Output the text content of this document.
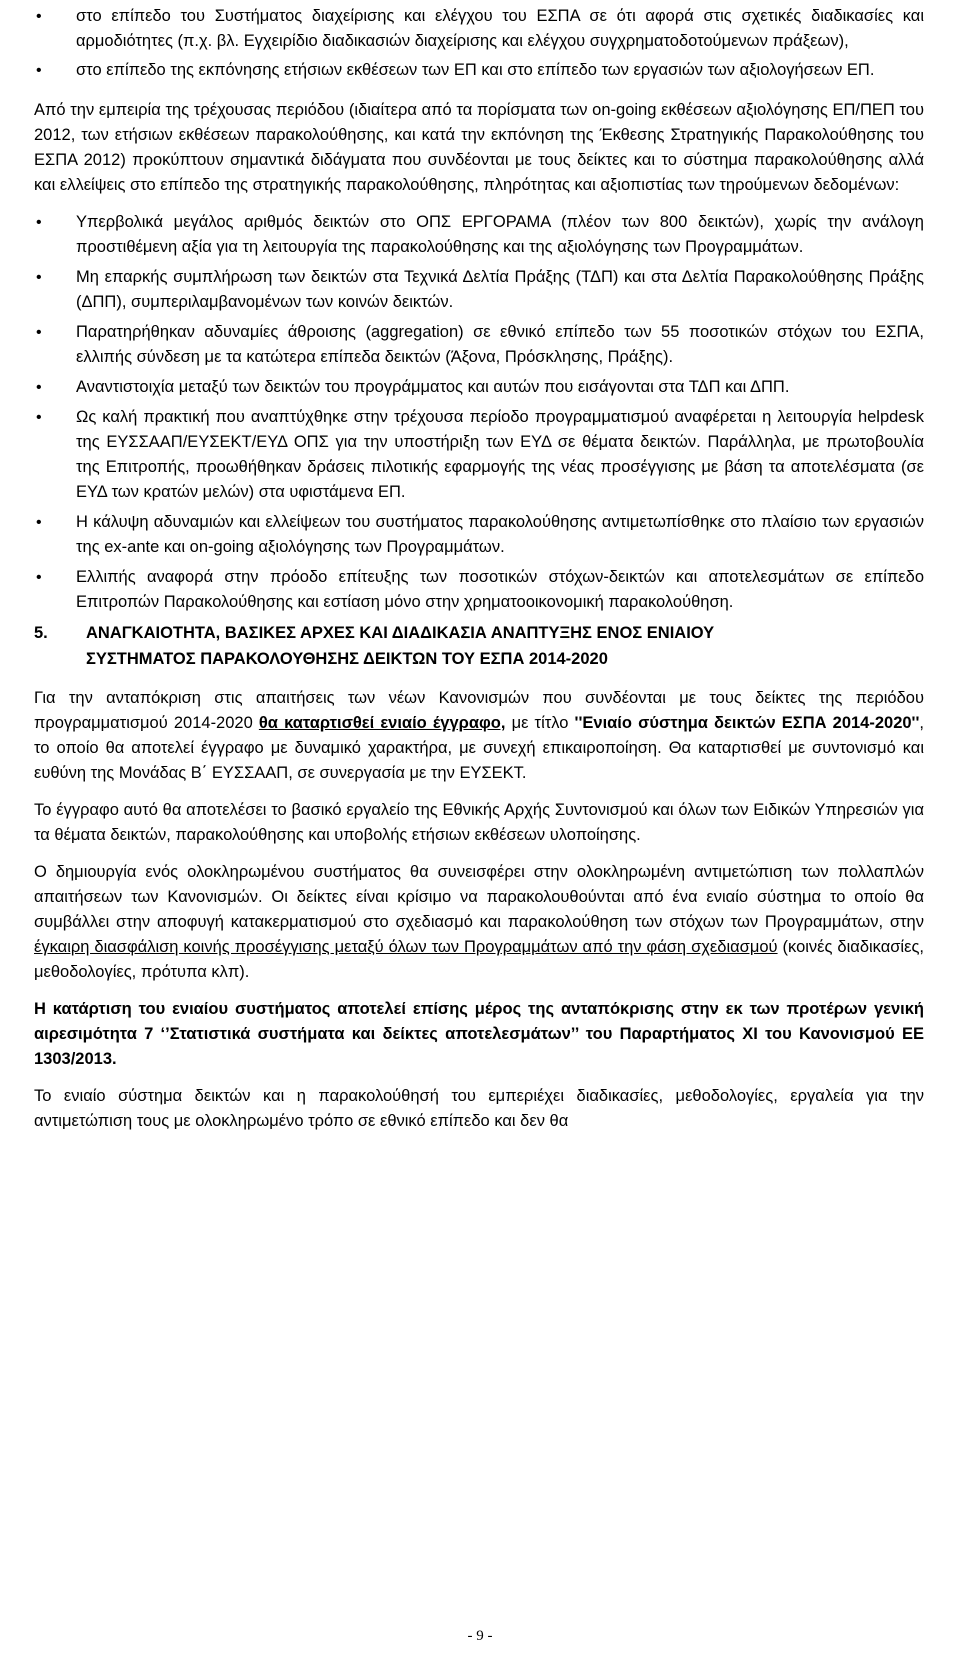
• στο επίπεδο του Συστήματος διαχείρισης και ελέγχου του ΕΣΠΑ σε ότι αφορά στις σχετικές διαδικασίες και αρμοδιότητες (π.χ. βλ. Εγχειρίδιο διαδικασιών διαχείρισης και ελέγχου συγχρηματοδοτούμενων πράξεων),
• στο επίπεδο της εκπόνησης ετήσιων εκθέσεων των ΕΠ και στο επίπεδο των εργασιών των αξιολογήσεων ΕΠ.

Από την εμπειρία της τρέχουσας περιόδου (ιδιαίτερα από τα πορίσματα των on-going εκθέσεων αξιολόγησης ΕΠ/ΠΕΠ του 2012, των ετήσιων εκθέσεων παρακολούθησης, και κατά την εκπόνηση της Έκθεσης Στρατηγικής Παρακολούθησης του ΕΣΠΑ 2012) προκύπτουν σημαντικά διδάγματα που συνδέονται με τους δείκτες και το σύστημα παρακολούθησης αλλά και ελλείψεις στο επίπεδο της στρατηγικής παρακολούθησης, πληρότητας και αξιοπιστίας των τηρούμενων δεδομένων:

• Υπερβολικά μεγάλος αριθμός δεικτών στο ΟΠΣ ΕΡΓΟΡΑΜΑ (πλέον των 800 δεικτών), χωρίς την ανάλογη προστιθέμενη αξία για τη λειτουργία της παρακολούθησης και της αξιολόγησης των Προγραμμάτων.
• Μη επαρκής συμπλήρωση των δεικτών στα Τεχνικά Δελτία Πράξης (ΤΔΠ) και στα Δελτία Παρακολούθησης Πράξης (ΔΠΠ), συμπεριλαμβανομένων των κοινών δεικτών.
• Παρατηρήθηκαν αδυναμίες άθροισης (aggregation) σε εθνικό επίπεδο των 55 ποσοτικών στόχων του ΕΣΠΑ, ελλιπής σύνδεση με τα κατώτερα επίπεδα δεικτών (Άξονα, Πρόσκλησης, Πράξης).
• Αναντιστοιχία μεταξύ των δεικτών του προγράμματος και αυτών που εισάγονται στα ΤΔΠ και ΔΠΠ.
• Ως καλή πρακτική που αναπτύχθηκε στην τρέχουσα περίοδο προγραμματισμού αναφέρεται η λειτουργία helpdesk της ΕΥΣΣΑΑΠ/ΕΥΣΕΚΤ/ΕΥΔ ΟΠΣ για την υποστήριξη των ΕΥΔ σε θέματα δεικτών. Παράλληλα, με πρωτοβουλία της Επιτροπής, προωθήθηκαν δράσεις πιλοτικής εφαρμογής της νέας προσέγγισης με βάση τα αποτελέσματα (σε ΕΥΔ των κρατών μελών) στα υφιστάμενα ΕΠ.
• Η κάλυψη αδυναμιών και ελλείψεων του συστήματος παρακολούθησης αντιμετωπίσθηκε στο πλαίσιο των εργασιών της ex-ante και on-going αξιολόγησης των Προγραμμάτων.
• Ελλιπής αναφορά στην πρόοδο επίτευξης των ποσοτικών στόχων-δεικτών και αποτελεσμάτων σε επίπεδο Επιτροπών Παρακολούθησης και εστίαση μόνο στην χρηματοοικονομική παρακολούθηση.
5. ΑΝΑΓΚΑΙΟΤΗΤΑ, ΒΑΣΙΚΕΣ ΑΡΧΕΣ ΚΑΙ ΔΙΑΔΙΚΑΣΙΑ ΑΝΑΠΤΥΞΗΣ ΕΝΟΣ ΕΝΙΑΙΟΥ
ΣΥΣΤΗΜΑΤΟΣ ΠΑΡΑΚΟΛΟΥΘΗΣΗΣ ΔΕΙΚΤΩΝ ΤΟΥ ΕΣΠΑ 2014-2020

Για την ανταπόκριση στις απαιτήσεις των νέων Κανονισμών που συνδέονται με τους δείκτες της περιόδου προγραμματισμού 2014-2020 θα καταρτισθεί ενιαίο έγγραφο, με τίτλο ''Ενιαίο σύστημα δεικτών ΕΣΠΑ 2014-2020'', το οποίο θα αποτελεί έγγραφο με δυναμικό χαρακτήρα, με συνεχή επικαιροποίηση. Θα καταρτισθεί με συντονισμό και ευθύνη της Μονάδας Β΄ ΕΥΣΣΑΑΠ, σε συνεργασία με την ΕΥΣΕΚΤ.

Το έγγραφο αυτό θα αποτελέσει το βασικό εργαλείο της Εθνικής Αρχής Συντονισμού και όλων των Ειδικών Υπηρεσιών για τα θέματα δεικτών, παρακολούθησης και υποβολής ετήσιων εκθέσεων υλοποίησης.

Ο δημιουργία ενός ολοκληρωμένου συστήματος θα συνεισφέρει στην ολοκληρωμένη αντιμετώπιση των πολλαπλών απαιτήσεων των Κανονισμών. Οι δείκτες είναι κρίσιμο να παρακολουθούνται από ένα ενιαίο σύστημα το οποίο θα συμβάλλει στην αποφυγή κατακερματισμού στο σχεδιασμό και παρακολούθηση των στόχων των Προγραμμάτων, στην έγκαιρη διασφάλιση κοινής προσέγγισης μεταξύ όλων των Προγραμμάτων από την φάση σχεδιασμού (κοινές διαδικασίες, μεθοδολογίες, πρότυπα κλπ).

Η κατάρτιση του ενιαίου συστήματος αποτελεί επίσης μέρος της ανταπόκρισης στην εκ των προτέρων γενική αιρεσιμότητα 7 ‘’Στατιστικά συστήματα και δείκτες αποτελεσμάτων’’ του Παραρτήματος XI του Κανονισμού ΕΕ 1303/2013.

Το ενιαίο σύστημα δεικτών και η παρακολούθησή του εμπεριέχει διαδικασίες, μεθοδολογίες, εργαλεία για την αντιμετώπιση τους με ολοκληρωμένο τρόπο σε εθνικό επίπεδο και δεν θα

- 9 -
